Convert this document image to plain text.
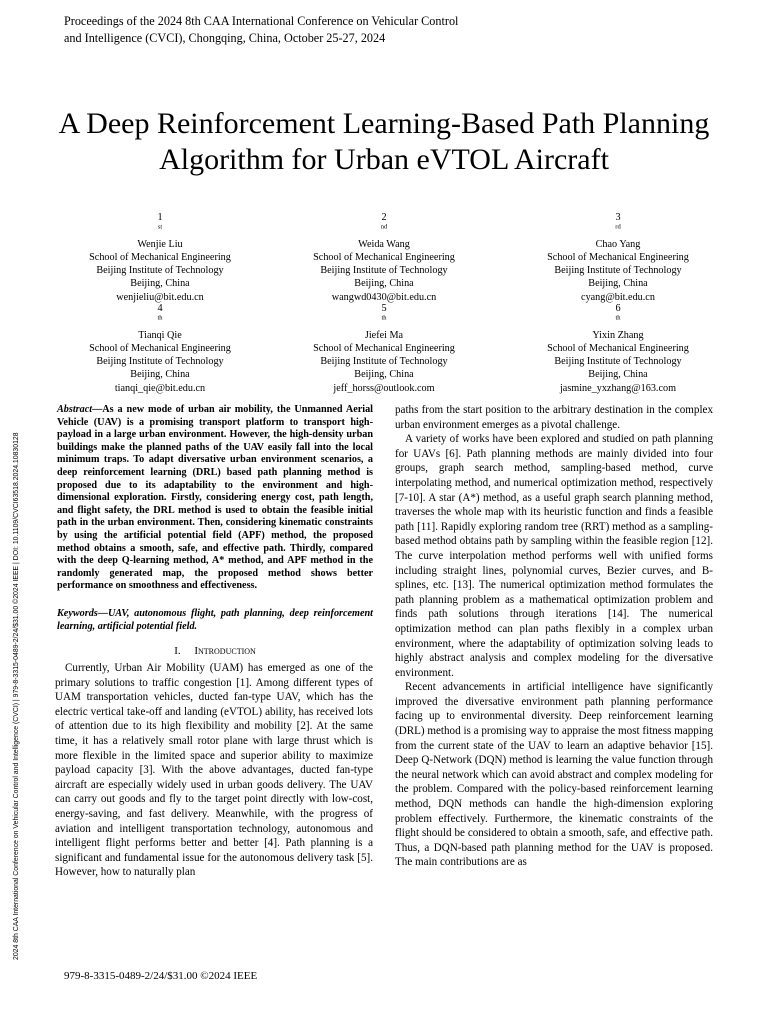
Proceedings of the 2024 8th CAA International Conference on Vehicular Control
and Intelligence (CVCI), Chongqing, China, October 25-27, 2024
2024 8th CAA International Conference on Vehicular Control and Intelligence (CVCI) | 979-8-3315-0489-2/24/$31.00 ©2024 IEEE | DOI: 10.1109/CVCI63518.2024.10830128
A Deep Reinforcement Learning-Based Path Planning
Algorithm for Urban eVTOL Aircraft
1
$^{st}$
Wenjie Liu
School of Mechanical Engineering
Beijing Institute of Technology
Beijing, China
wenjieliu@bit.edu.cn
2
$^{nd}$
Weida Wang
School of Mechanical Engineering
Beijing Institute of Technology
Beijing, China
wangwd0430@bit.edu.cn
3
$^{rd}$
Chao Yang
School of Mechanical Engineering
Beijing Institute of Technology
Beijing, China
cyang@bit.edu.cn
4
$^{th}$
Tianqi Qie
School of Mechanical Engineering
Beijing Institute of Technology
Beijing, China
tianqi_qie@bit.edu.cn
5
$^{th}$
Jiefei Ma
School of Mechanical Engineering
Beijing Institute of Technology
Beijing, China
jeff_horss@outlook.com
6
$^{th}$
Yixin Zhang
School of Mechanical Engineering
Beijing Institute of Technology
Beijing, China
jasmine_yxzhang@163.com
Abstract—As a new mode of urban air mobility, the Unmanned Aerial Vehicle (UAV) is a promising transport platform to transport high-payload in a large urban environment. However, the high-density urban buildings make the planned paths of the UAV easily fall into the local minimum traps. To adapt diversative urban environment scenarios, a deep reinforcement learning (DRL) based path planning method is proposed due to its adaptability to the environment and high-dimensional exploration. Firstly, considering energy cost, path length, and flight safety, the DRL method is used to obtain the feasible initial path in the urban environment. Then, considering kinematic constraints by using the artificial potential field (APF) method, the proposed method obtains a smooth, safe, and effective path. Thirdly, compared with the deep Q-learning method, A* method, and APF method in the randomly generated map, the proposed method shows better performance on smoothness and effectiveness.
Keywords—UAV, autonomous flight, path planning, deep reinforcement learning, artificial potential field.
I. Introduction

Currently, Urban Air Mobility (UAM) has emerged as one of the primary solutions to traffic congestion [1]. Among different types of UAM transportation vehicles, ducted fan-type UAV, which has the electric vertical take-off and landing (eVTOL) ability, has received lots of attention due to its high flexibility and mobility [2]. At the same time, it has a relatively small rotor plane with large thrust which is more flexible in the limited space and superior ability to maximize payload capacity [3]. With the above advantages, ducted fan-type aircraft are especially widely used in urban goods delivery. The UAV can carry out goods and fly to the target point directly with low-cost, energy-saving, and fast delivery. Meanwhile, with the progress of aviation and intelligent transportation technology, autonomous and intelligent flight performs better and better [4]. Path planning is a significant and fundamental issue for the autonomous delivery task [5]. However, how to naturally plan

paths from the start position to the arbitrary destination in the complex urban environment emerges as a pivotal challenge.

A variety of works have been explored and studied on path planning for UAVs [6]. Path planning methods are mainly divided into four groups, graph search method, sampling-based method, curve interpolating method, and numerical optimization method, respectively [7-10]. A star (A*) method, as a useful graph search planning method, traverses the whole map with its heuristic function and finds a feasible path [11]. Rapidly exploring random tree (RRT) method as a sampling-based method obtains path by sampling within the feasible region [12]. The curve interpolation method performs well with unified forms including straight lines, polynomial curves, Bezier curves, and B-splines, etc. [13]. The numerical optimization method formulates the path planning problem as a mathematical optimization problem and finds path solutions through iterations [14]. The numerical optimization method can plan paths flexibly in a complex urban environment, where the adaptability of optimization solving leads to highly abstract analysis and complex modeling for the diversative environment.

Recent advancements in artificial intelligence have significantly improved the diversative environment path planning performance facing up to environmental diversity. Deep reinforcement learning (DRL) method is a promising way to appraise the most fitness mapping from the current state of the UAV to learn an adaptive behavior [15]. Deep Q-Network (DQN) method is learning the value function through the neural network which can avoid abstract and complex modeling for the problem. Compared with the policy-based reinforcement learning method, DQN methods can handle the high-dimension exploring problem effectively. Furthermore, the kinematic constraints of the flight should be considered to obtain a smooth, safe, and effective path. Thus, a DQN-based path planning method for the UAV is proposed. The main contributions are as

979-8-3315-0489-2/24/$31.00 ©2024 IEEE
